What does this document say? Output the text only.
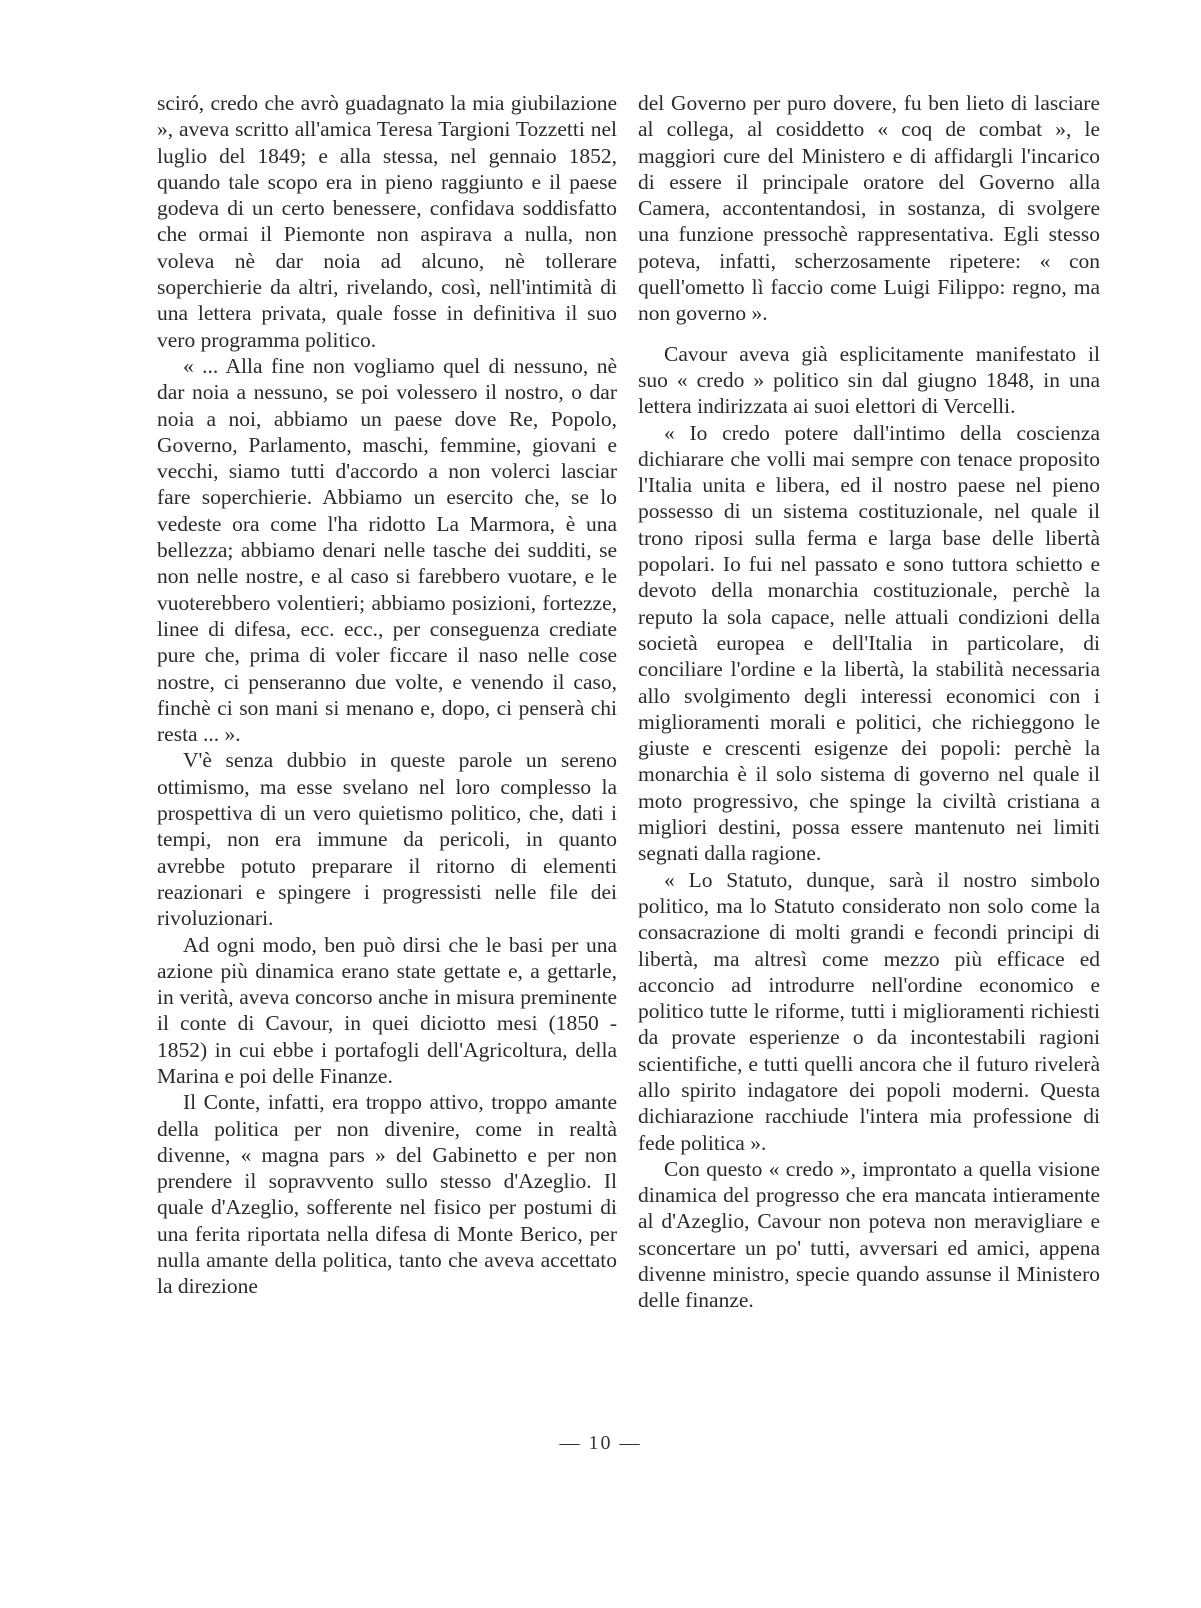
sciró, credo che avrò guadagnato la mia giubilazione », aveva scritto all'amica Teresa Targioni Tozzetti nel luglio del 1849; e alla stessa, nel gennaio 1852, quando tale scopo era in pieno raggiunto e il paese godeva di un certo benessere, confidava soddisfatto che ormai il Piemonte non aspirava a nulla, non voleva nè dar noia ad alcuno, nè tollerare soperchierie da altri, rivelando, così, nell'intimità di una lettera privata, quale fosse in definitiva il suo vero programma politico.

« ... Alla fine non vogliamo quel di nessuno, nè dar noia a nessuno, se poi volessero il nostro, o dar noia a noi, abbiamo un paese dove Re, Popolo, Governo, Parlamento, maschi, femmine, giovani e vecchi, siamo tutti d'accordo a non volerci lasciar fare soperchierie. Abbiamo un esercito che, se lo vedeste ora come l'ha ridotto La Marmora, è una bellezza; abbiamo denari nelle tasche dei sudditi, se non nelle nostre, e al caso si farebbero vuotare, e le vuoterebbero volentieri; abbiamo posizioni, fortezze, linee di difesa, ecc. ecc., per conseguenza crediate pure che, prima di voler ficcare il naso nelle cose nostre, ci penseranno due volte, e venendo il caso, finchè ci son mani si menano e, dopo, ci penserà chi resta ... ».

V'è senza dubbio in queste parole un sereno ottimismo, ma esse svelano nel loro complesso la prospettiva di un vero quietismo politico, che, dati i tempi, non era immune da pericoli, in quanto avrebbe potuto preparare il ritorno di elementi reazionari e spingere i progressisti nelle file dei rivoluzionari.

Ad ogni modo, ben può dirsi che le basi per una azione più dinamica erano state gettate e, a gettarle, in verità, aveva concorso anche in misura preminente il conte di Cavour, in quei diciotto mesi (1850 - 1852) in cui ebbe i portafogli dell'Agricoltura, della Marina e poi delle Finanze.

Il Conte, infatti, era troppo attivo, troppo amante della politica per non divenire, come in realtà divenne, « magna pars » del Gabinetto e per non prendere il sopravvento sullo stesso d'Azeglio. Il quale d'Azeglio, sofferente nel fisico per postumi di una ferita riportata nella difesa di Monte Berico, per nulla amante della politica, tanto che aveva accettato la direzione

del Governo per puro dovere, fu ben lieto di lasciare al collega, al cosiddetto « coq de combat », le maggiori cure del Ministero e di affidargli l'incarico di essere il principale oratore del Governo alla Camera, accontentandosi, in sostanza, di svolgere una funzione pressochè rappresentativa. Egli stesso poteva, infatti, scherzosamente ripetere: « con quell'ometto lì faccio come Luigi Filippo: regno, ma non governo ».

Cavour aveva già esplicitamente manifestato il suo « credo » politico sin dal giugno 1848, in una lettera indirizzata ai suoi elettori di Vercelli.

« Io credo potere dall'intimo della coscienza dichiarare che volli mai sempre con tenace proposito l'Italia unita e libera, ed il nostro paese nel pieno possesso di un sistema costituzionale, nel quale il trono riposi sulla ferma e larga base delle libertà popolari. Io fui nel passato e sono tuttora schietto e devoto della monarchia costituzionale, perchè la reputo la sola capace, nelle attuali condizioni della società europea e dell'Italia in particolare, di conciliare l'ordine e la libertà, la stabilità necessaria allo svolgimento degli interessi economici con i miglioramenti morali e politici, che richieggono le giuste e crescenti esigenze dei popoli: perchè la monarchia è il solo sistema di governo nel quale il moto progressivo, che spinge la civiltà cristiana a migliori destini, possa essere mantenuto nei limiti segnati dalla ragione.

« Lo Statuto, dunque, sarà il nostro simbolo politico, ma lo Statuto considerato non solo come la consacrazione di molti grandi e fecondi principi di libertà, ma altresì come mezzo più efficace ed acconcio ad introdurre nell'ordine economico e politico tutte le riforme, tutti i miglioramenti richiesti da provate esperienze o da incontestabili ragioni scientifiche, e tutti quelli ancora che il futuro rivelerà allo spirito indagatore dei popoli moderni. Questa dichiarazione racchiude l'intera mia professione di fede politica ».

Con questo « credo », improntato a quella visione dinamica del progresso che era mancata intieramente al d'Azeglio, Cavour non poteva non meravigliare e sconcertare un po' tutti, avversari ed amici, appena divenne ministro, specie quando assunse il Ministero delle finanze.

— 10 —
